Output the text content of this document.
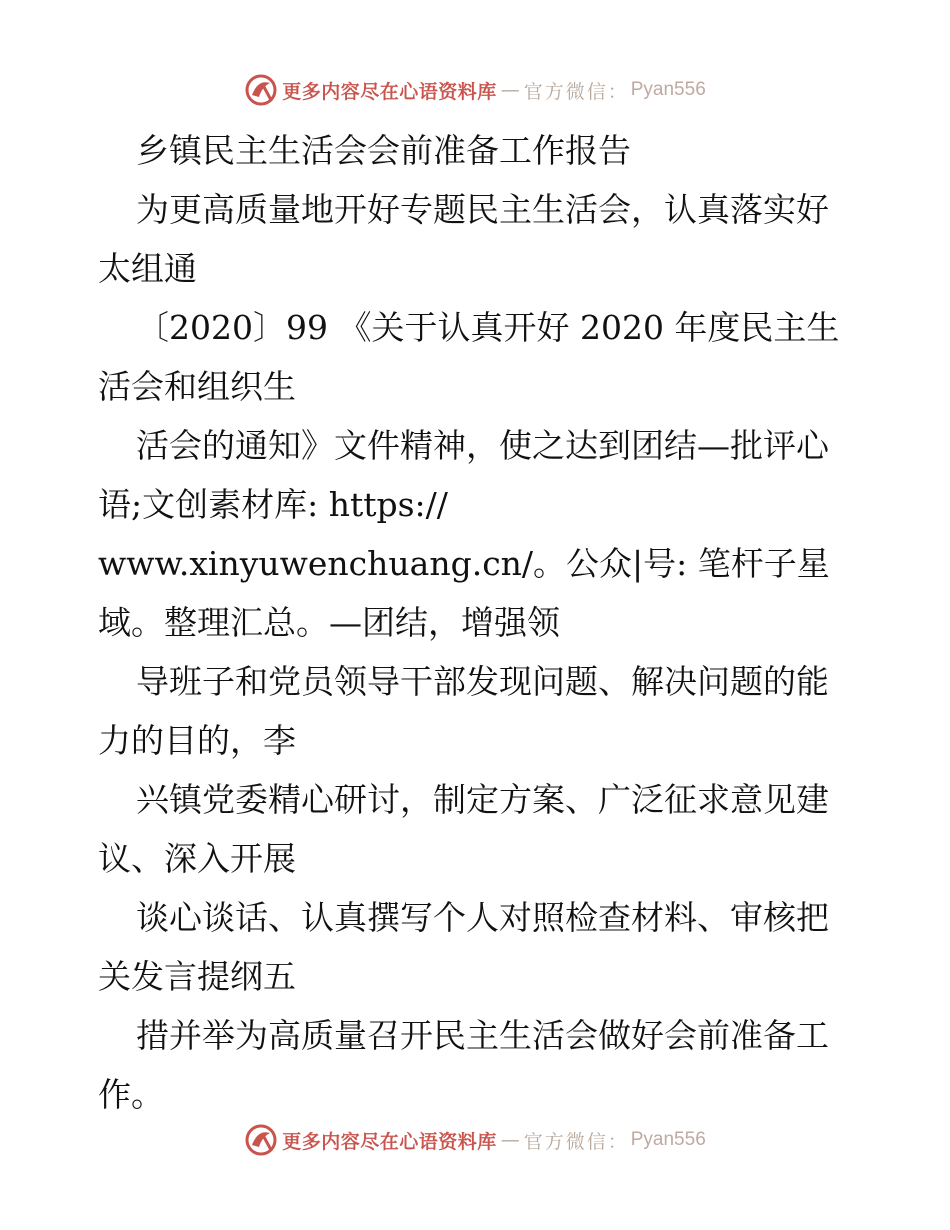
更多内容尽在心语资料库 — 官方微信： Pyan556
乡镇民主生活会会前准备工作报告
为更高质量地开好专题民主生活会，认真落实好
太组通
〔2020〕99 《关于认真开好 2020 年度民主生
活会和组织生
活会的通知》文件精神，使之达到团结—批评心
语;文创素材库: https://
www.xinyuwenchuang.cn/。公众|号: 笔杆子星
域。整理汇总。—团结，增强领
导班子和党员领导干部发现问题、解决问题的能
力的目的，李
兴镇党委精心研讨，制定方案、广泛征求意见建
议、深入开展
谈心谈话、认真撰写个人对照检查材料、审核把
关发言提纲五
措并举为高质量召开民主生活会做好会前准备工
作。
更多内容尽在心语资料库 — 官方微信： Pyan556
